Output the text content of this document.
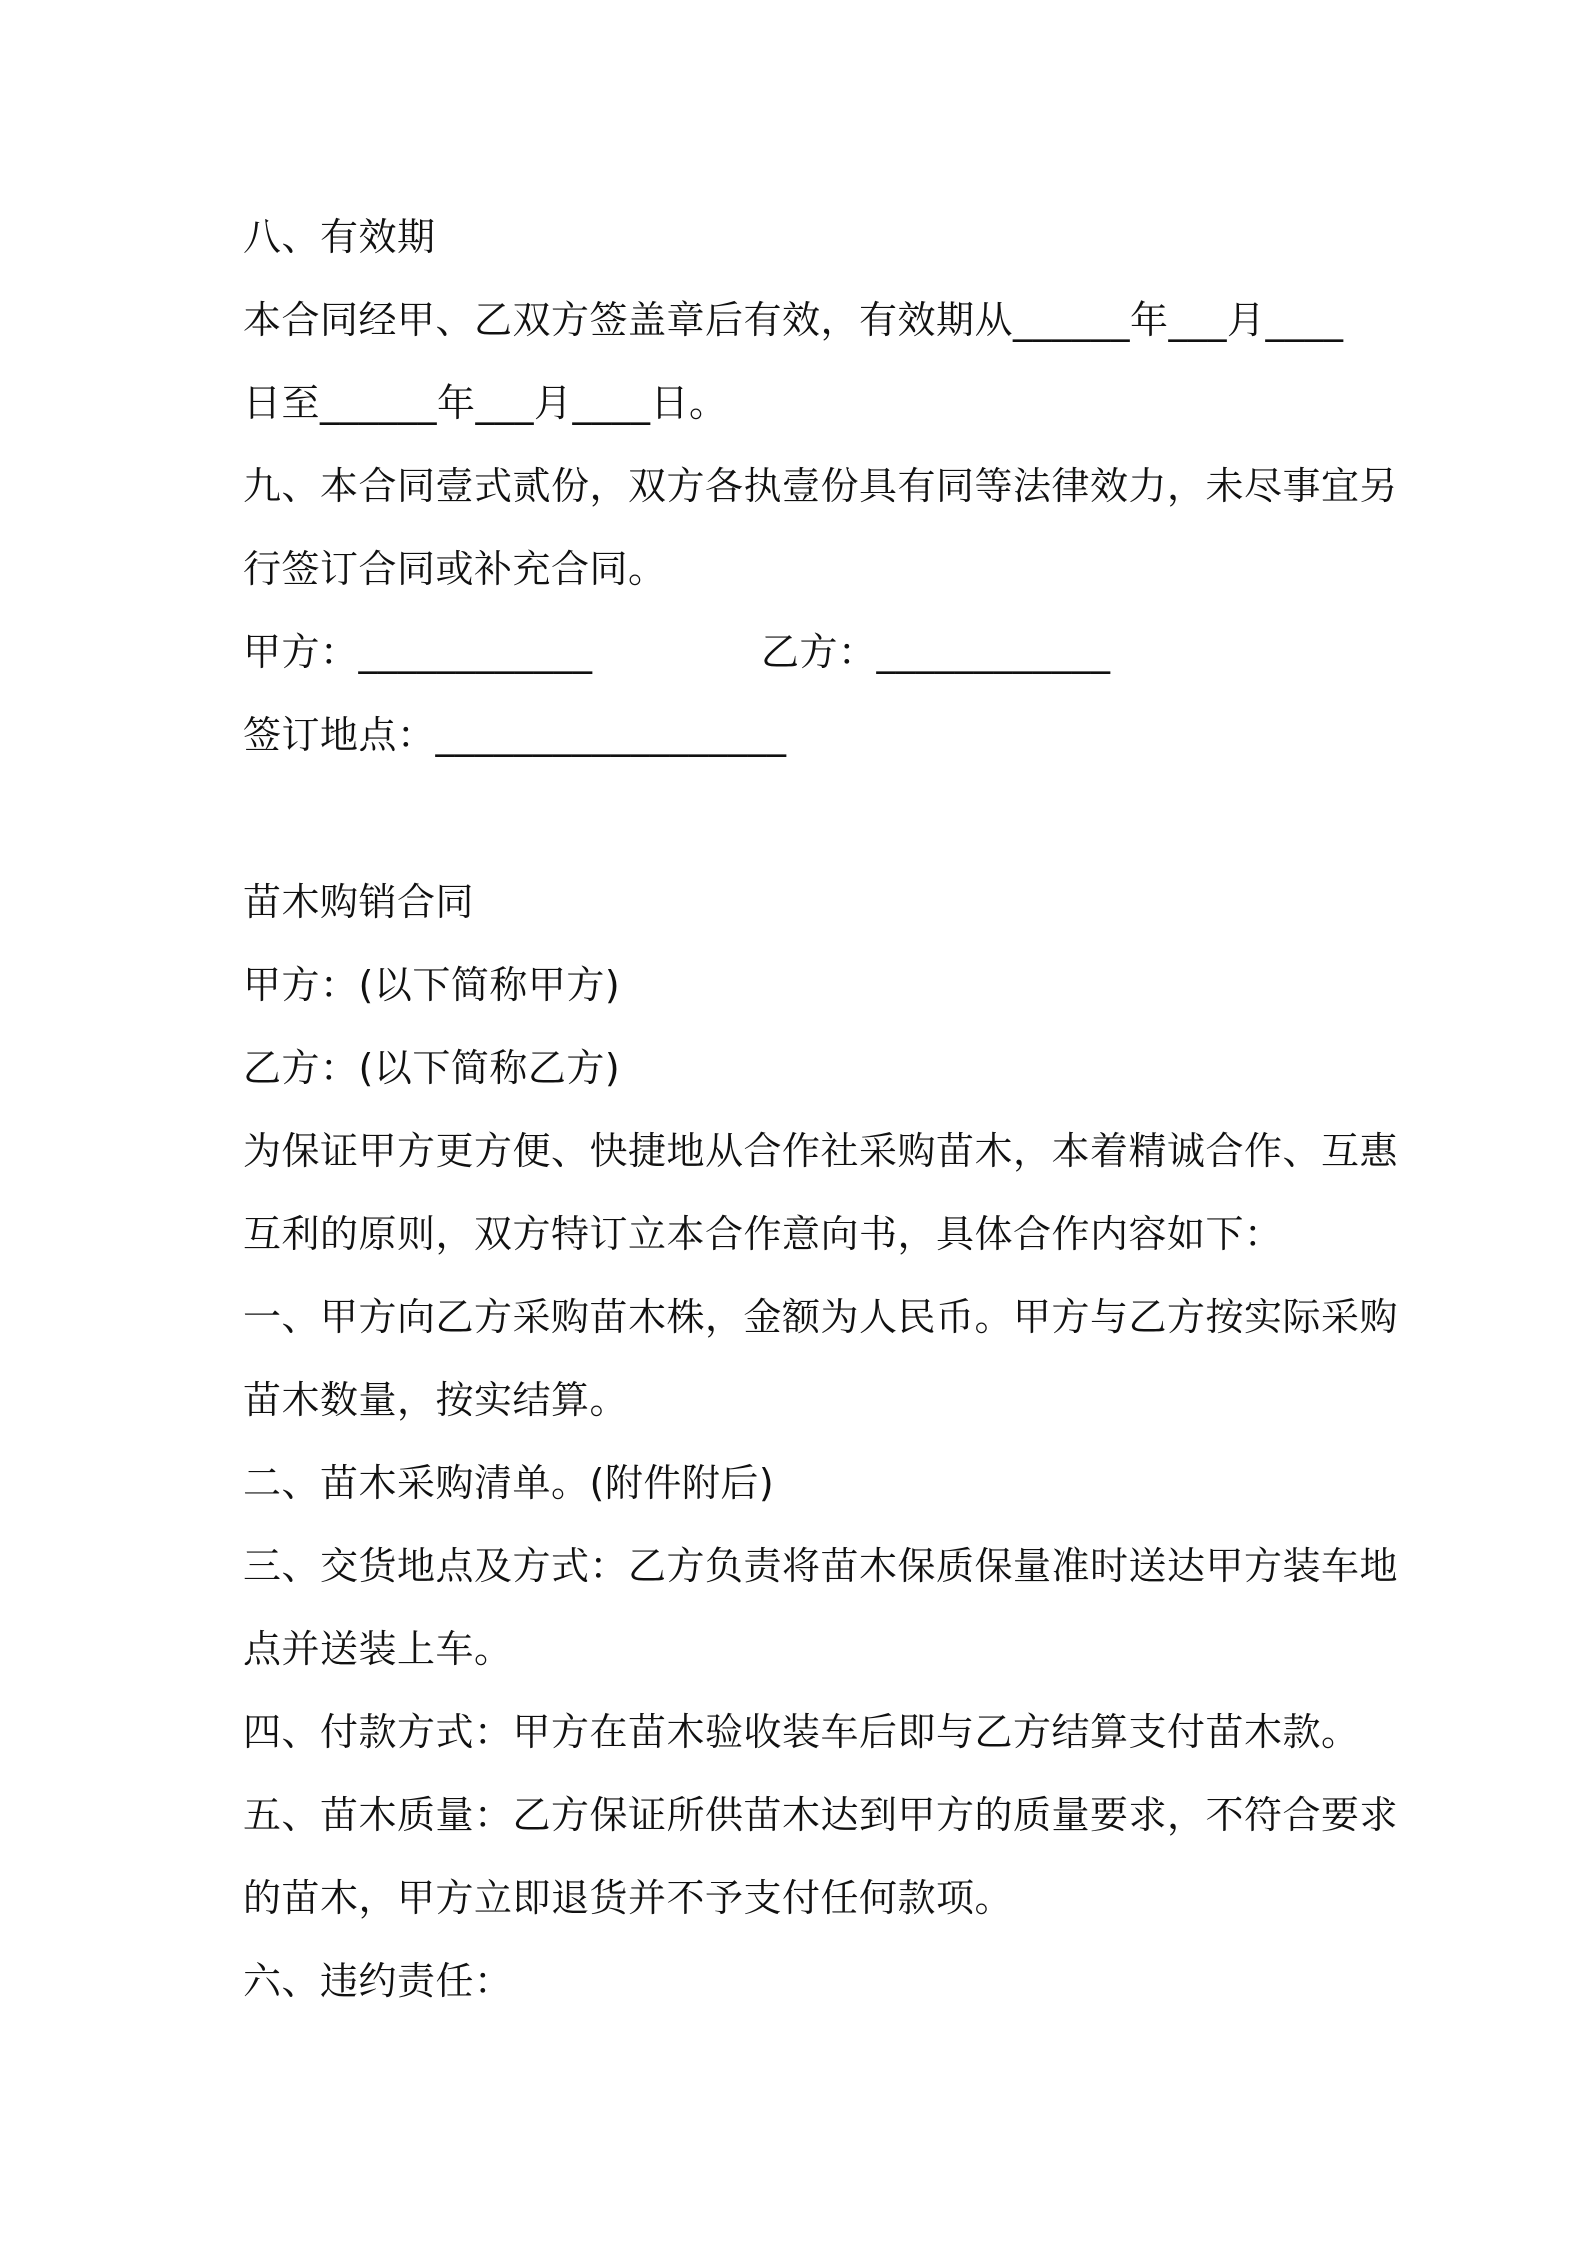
八、有效期
本合同经甲、乙双方签盖章后有效，有效期从______年___月____
日至______年___月____日。
九、本合同壹式贰份，双方各执壹份具有同等法律效力，未尽事宜另
行签订合同或补充合同。
甲方：____________	乙方：____________
签订地点：__________________
苗木购销合同
甲方：(以下简称甲方)
乙方：(以下简称乙方)
为保证甲方更方便、快捷地从合作社采购苗木，本着精诚合作、互惠
互利的原则，双方特订立本合作意向书，具体合作内容如下：
一、甲方向乙方采购苗木株，金额为人民币。甲方与乙方按实际采购
苗木数量，按实结算。
二、苗木采购清单。(附件附后)
三、交货地点及方式：乙方负责将苗木保质保量准时送达甲方装车地
点并送装上车。
四、付款方式：甲方在苗木验收装车后即与乙方结算支付苗木款。
五、苗木质量：乙方保证所供苗木达到甲方的质量要求，不符合要求
的苗木，甲方立即退货并不予支付任何款项。
六、违约责任：
